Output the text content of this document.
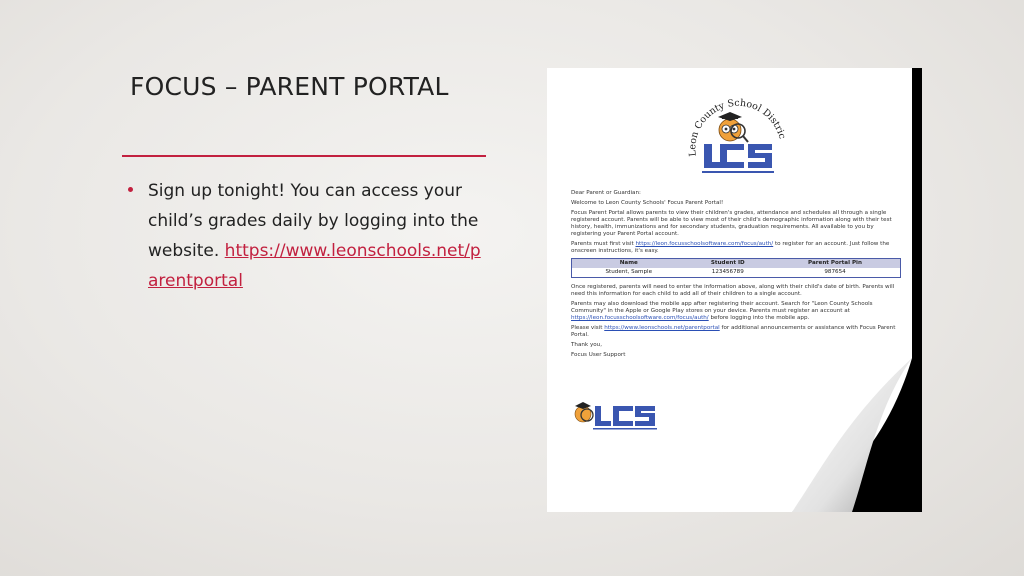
FOCUS – PARENT PORTAL
Sign up tonight! You can access your child’s grades daily by logging into the website. https://www.leonschools.net/parentportal
Leon County School Distric

Dear Parent or Guardian:

Welcome to Leon County Schools' Focus Parent Portal!

Focus Parent Portal allows parents to view their children's grades, attendance and schedules all through a single registered account. Parents will be able to view most of their child's demographic information along with their test history, health, immunizations and for secondary students, graduation requirements. All available to you by registering your Parent Portal account.

Parents must first visit https://leon.focusschoolsoftware.com/focus/auth/ to register for an account. Just follow the onscreen instructions, it's easy.

Name	Student ID	Parent Portal Pin
Student, Sample	123456789	987654

Once registered, parents will need to enter the information above, along with their child's date of birth. Parents will need this information for each child to add all of their children to a single account.

Parents may also download the mobile app after registering their account. Search for "Leon County Schools Community" in the Apple or Google Play stores on your device. Parents must register an account at https://leon.focusschoolsoftware.com/focus/auth/ before logging into the mobile app.

Please visit https://www.leonschools.net/parentportal for additional announcements or assistance with Focus Parent Portal.

Thank you,

Focus User Support
